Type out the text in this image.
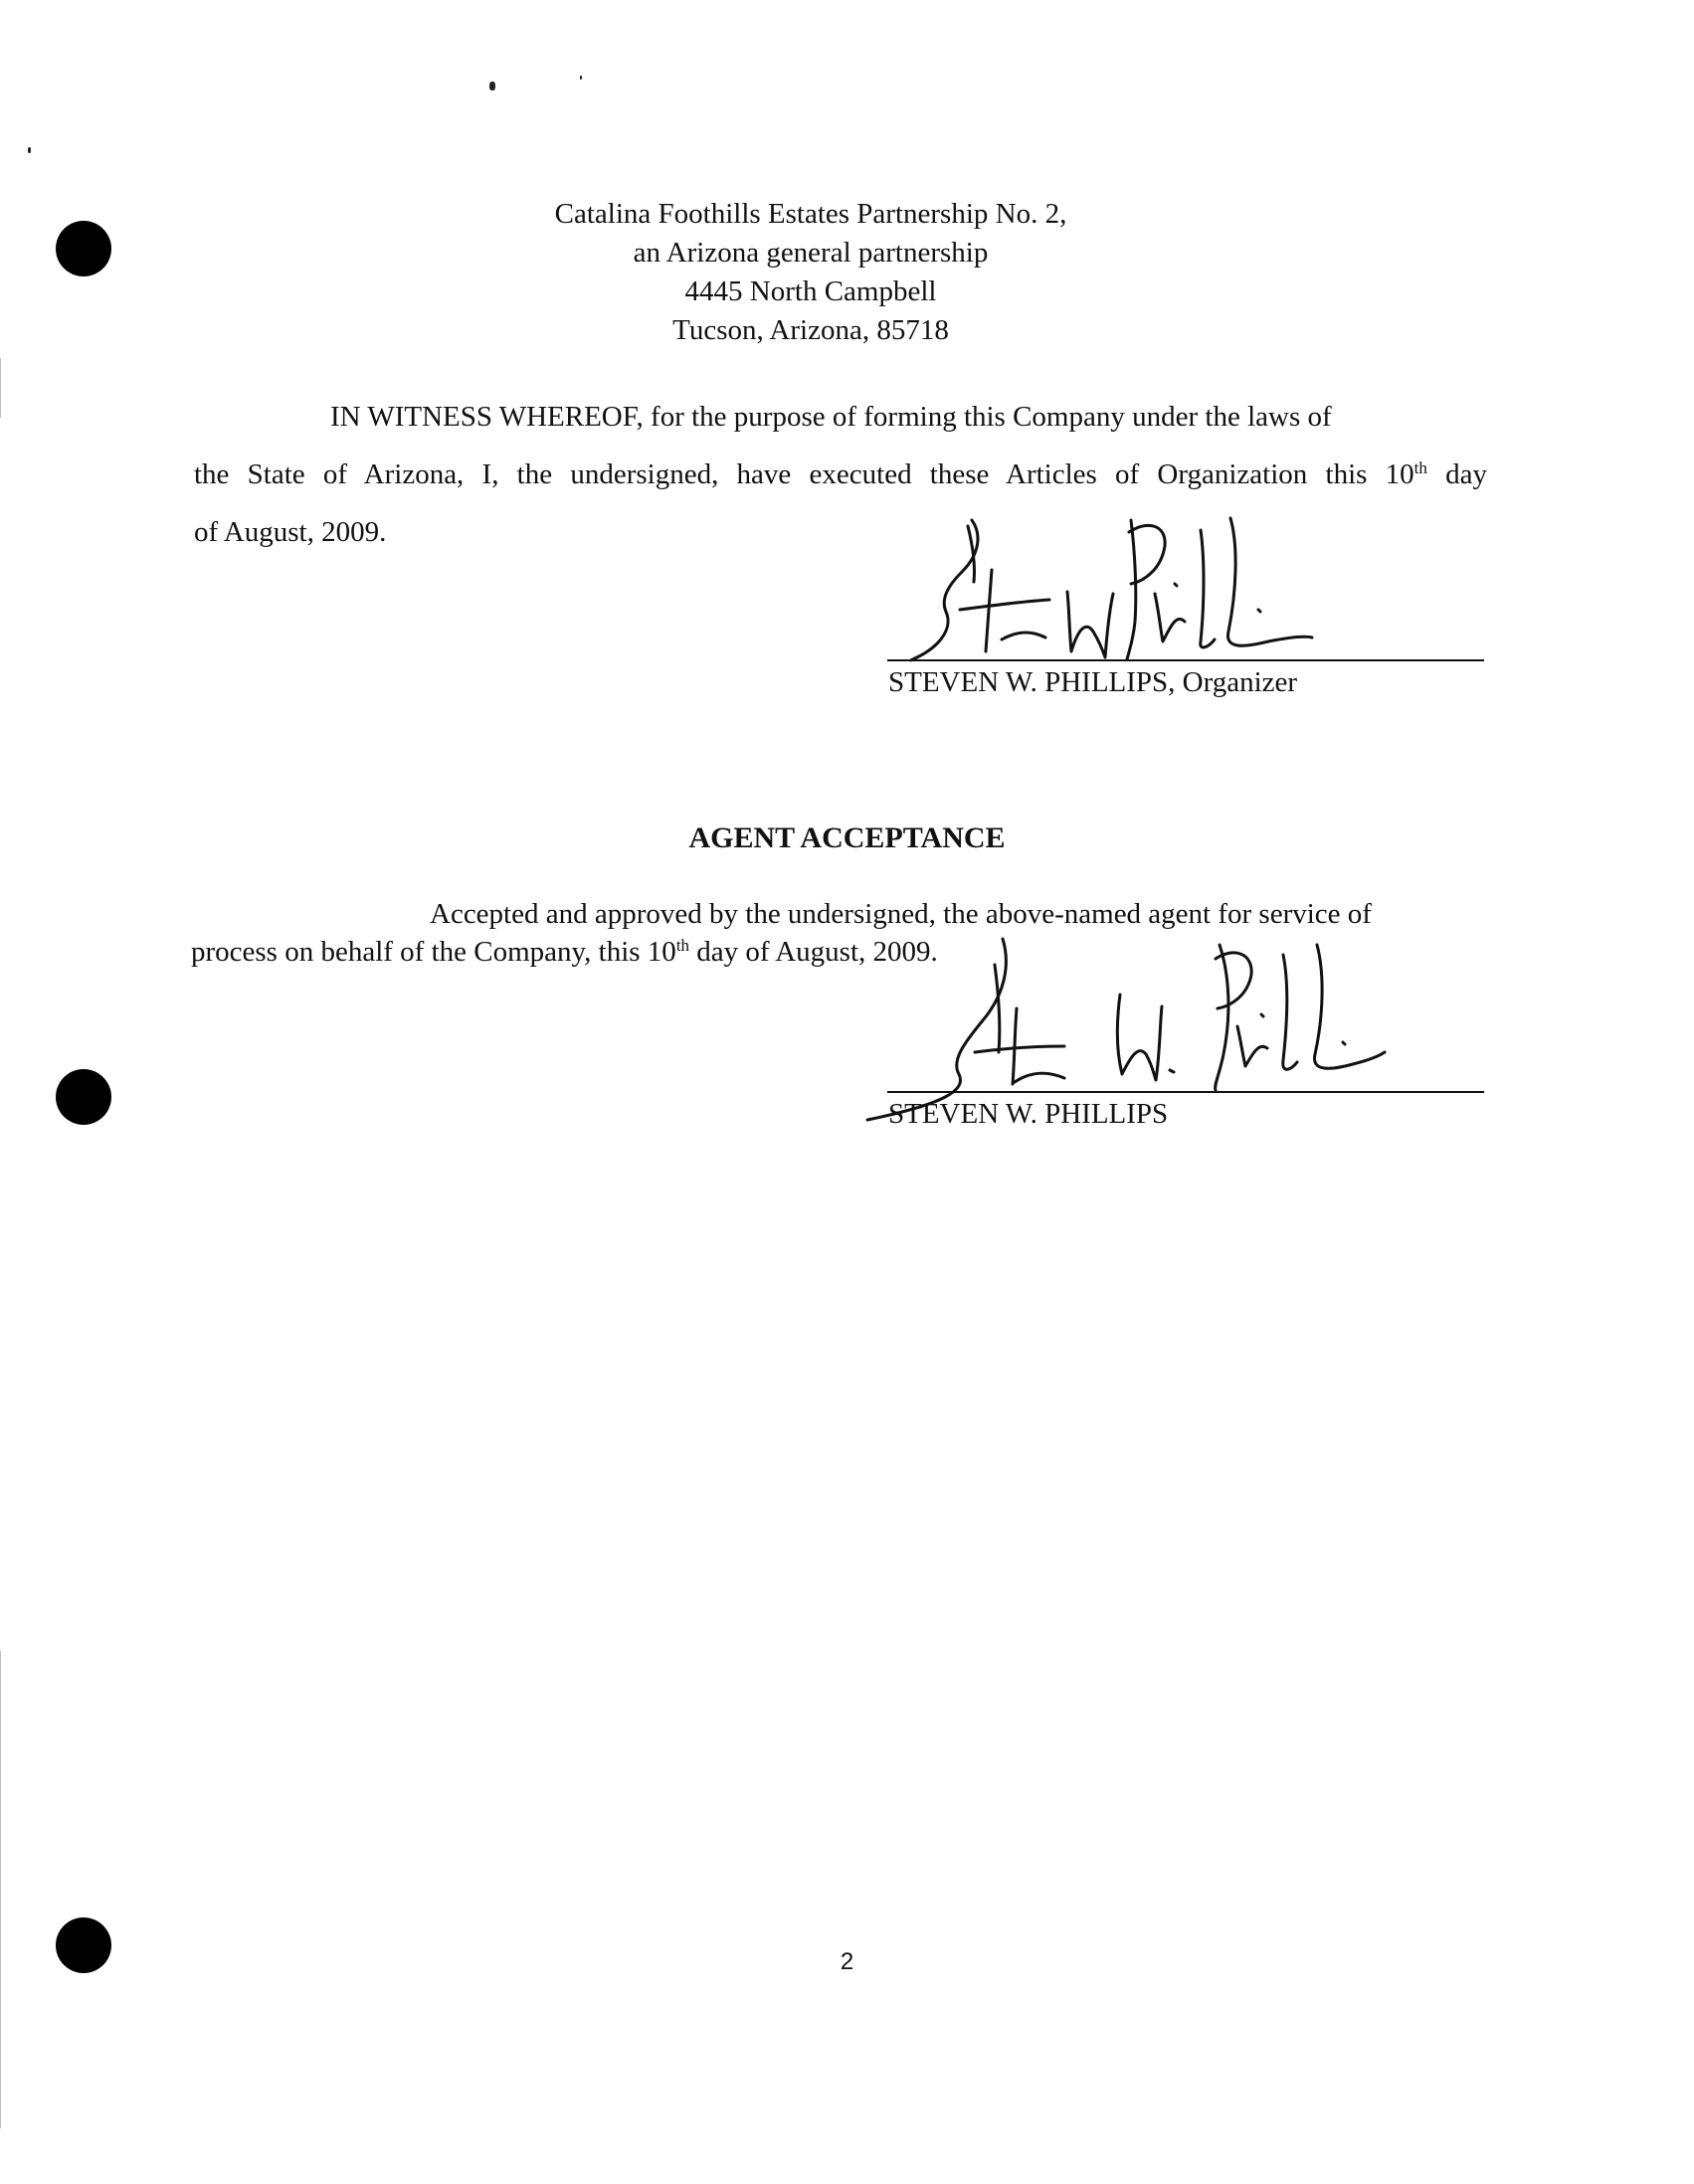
Catalina Foothills Estates Partnership No. 2,
an Arizona general partnership
4445 North Campbell
Tucson, Arizona, 85718
IN WITNESS WHEREOF, for the purpose of forming this Company under the laws of
the State of Arizona, I, the undersigned, have executed these Articles of Organization this 10th day
of August, 2009.
STEVEN W. PHILLIPS, Organizer
AGENT ACCEPTANCE
Accepted and approved by the undersigned, the above-named agent for service of
process on behalf of the Company, this 10th day of August, 2009.
STEVEN W. PHILLIPS
2
